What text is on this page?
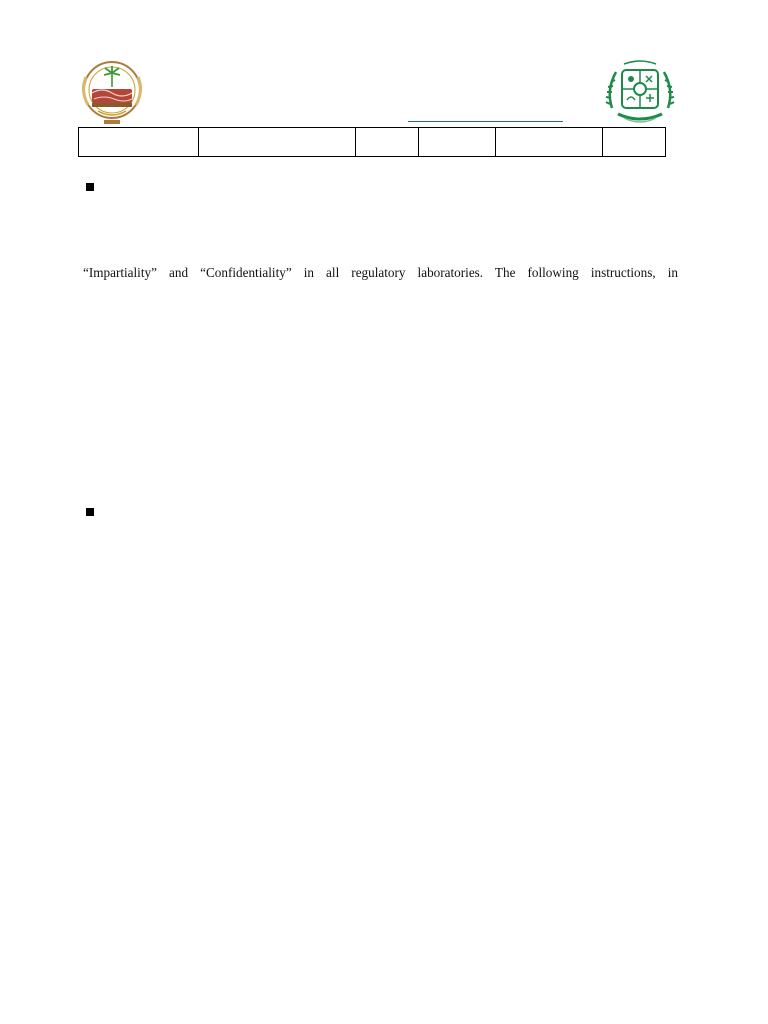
“Impartiality” and “Confidentiality” in all regulatory laboratories. The following instructions, in
